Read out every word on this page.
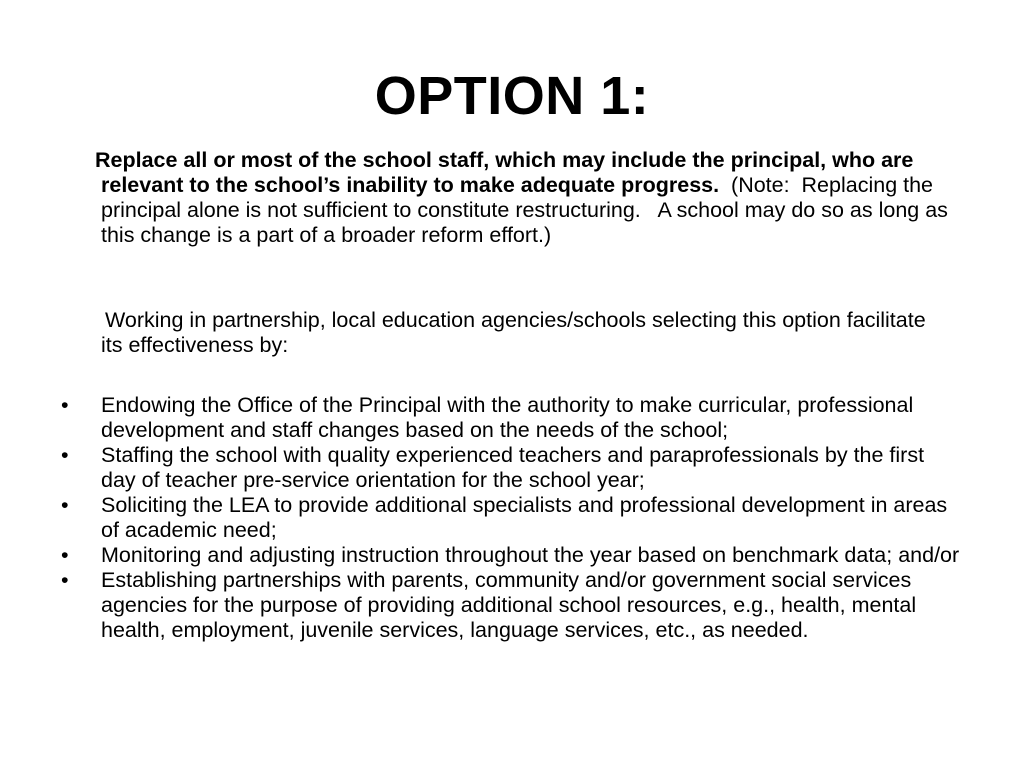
OPTION 1:
Replace all or most of the school staff, which may include the principal, who are relevant to the school’s inability to make adequate progress.  (Note:  Replacing the principal alone is not sufficient to constitute restructuring.   A school may do so as long as this change is a part of a broader reform effort.)
Working in partnership, local education agencies/schools selecting this option facilitate its effectiveness by:
• Endowing the Office of the Principal with the authority to make curricular, professional development and staff changes based on the needs of the school;
• Staffing the school with quality experienced teachers and paraprofessionals by the first day of teacher pre-service orientation for the school year;
• Soliciting the LEA to provide additional specialists and professional development in areas of academic need;
• Monitoring and adjusting instruction throughout the year based on benchmark data; and/or
• Establishing partnerships with parents, community and/or government social services agencies for the purpose of providing additional school resources, e.g., health, mental health, employment, juvenile services, language services, etc., as needed.
